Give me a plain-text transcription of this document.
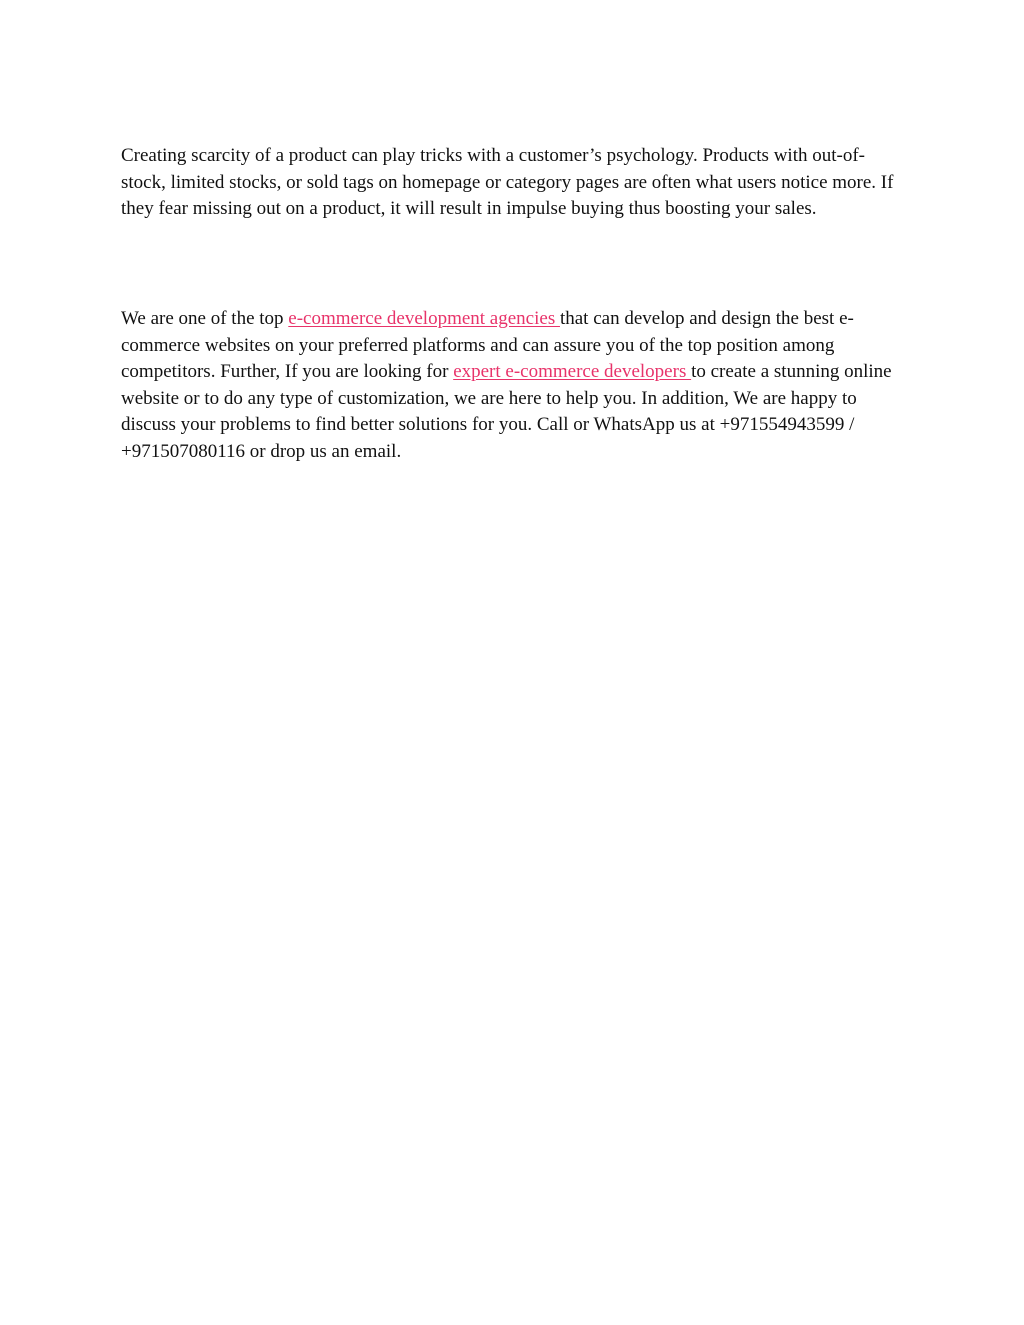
Creating scarcity of a product can play tricks with a customer’s psychology. Products with out-of-stock, limited stocks, or sold tags on homepage or category pages are often what users notice more. If they fear missing out on a product, it will result in impulse buying thus boosting your sales.

We are one of the top e-commerce development agencies that can develop and design the best e-commerce websites on your preferred platforms and can assure you of the top position among competitors. Further, If you are looking for expert e-commerce developers to create a stunning online website or to do any type of customization, we are here to help you. In addition, We are happy to discuss your problems to find better solutions for you. Call or WhatsApp us at +971554943599 / +971507080116 or drop us an email.
